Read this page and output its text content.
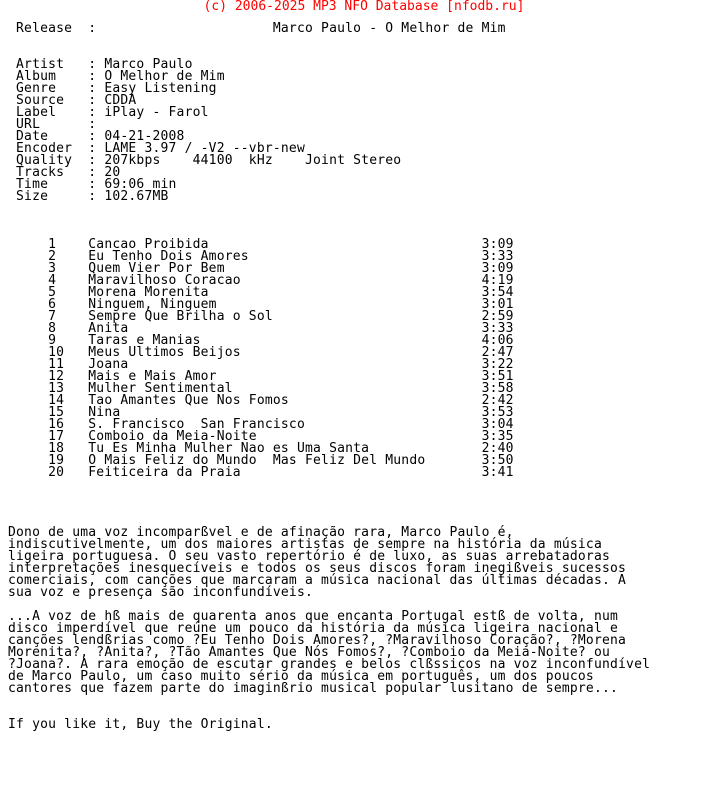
(c) 2006-2025 MP3 NFO Database [nfodb.ru]
Release  :                      Marco Paulo - O Melhor de Mim

Artist   : Marco Paulo
Album    : O Melhor de Mim
Genre    : Easy Listening
Source   : CDDA
Label    : iPlay - Farol
URL      :
Date     : 04-21-2008
Encoder  : LAME 3.97 / -V2 --vbr-new
Quality  : 207kbps    44100  kHz    Joint Stereo
Tracks   : 20
Time     : 69:06 min
Size     : 102.67MB

1    Cancao Proibida                                  3:09
2    Eu Tenho Dois Amores                             3:33
3    Quem Vier Por Bem                                3:09
4    Maravilhoso Coracao                              4:19
5    Morena Morenita                                  3:54
6    Ninguem, Ninguem                                 3:01
7    Sempre Que Brilha o Sol                          2:59
8    Anita                                            3:33
9    Taras e Manias                                   4:06
10   Meus Ultimos Beijos                              2:47
11   Joana                                            3:22
12   Mais e Mais Amor                                 3:51
13   Mulher Sentimental                               3:58
14   Tao Amantes Que Nos Fomos                        2:42
15   Nina                                             3:53
16   S. Francisco  San Francisco                      3:04
17   Comboio da Meia-Noite                            3:35
18   Tu Es Minha Mulher Nao es Uma Santa              2:40
19   O Mais Feliz do Mundo  Mas Feliz Del Mundo       3:50
20   Feiticeira da Praia                              3:41

Dono de uma voz incomparßvel e de afinação rara, Marco Paulo é,
indiscutivelmente, um dos maiores artistas de sempre na história da música
ligeira portuguesa. O seu vasto repertório é de luxo, as suas arrebatadoras
interpretações inesquecíveis e todos os seus discos foram inegißveis sucessos
comerciais, com canções que marcaram a música nacional das últimas décadas. A
sua voz e presença são inconfundíveis.

...A voz de hß mais de quarenta anos que encanta Portugal estß de volta, num
disco imperdível que reúne um pouco da história da música ligeira nacional e
canções lendßrias como ?Eu Tenho Dois Amores?, ?Maravilhoso Coração?, ?Morena
Morenita?, ?Anita?, ?Tão Amantes Que Nós Fomos?, ?Comboio da Meia-Noite? ou
?Joana?. A rara emoção de escutar grandes e belos clßssicos na voz inconfundível
de Marco Paulo, um caso muito sério da música em português, um dos poucos
cantores que fazem parte do imaginßrio musical popular lusitano de sempre...

If you like it, Buy the Original.
